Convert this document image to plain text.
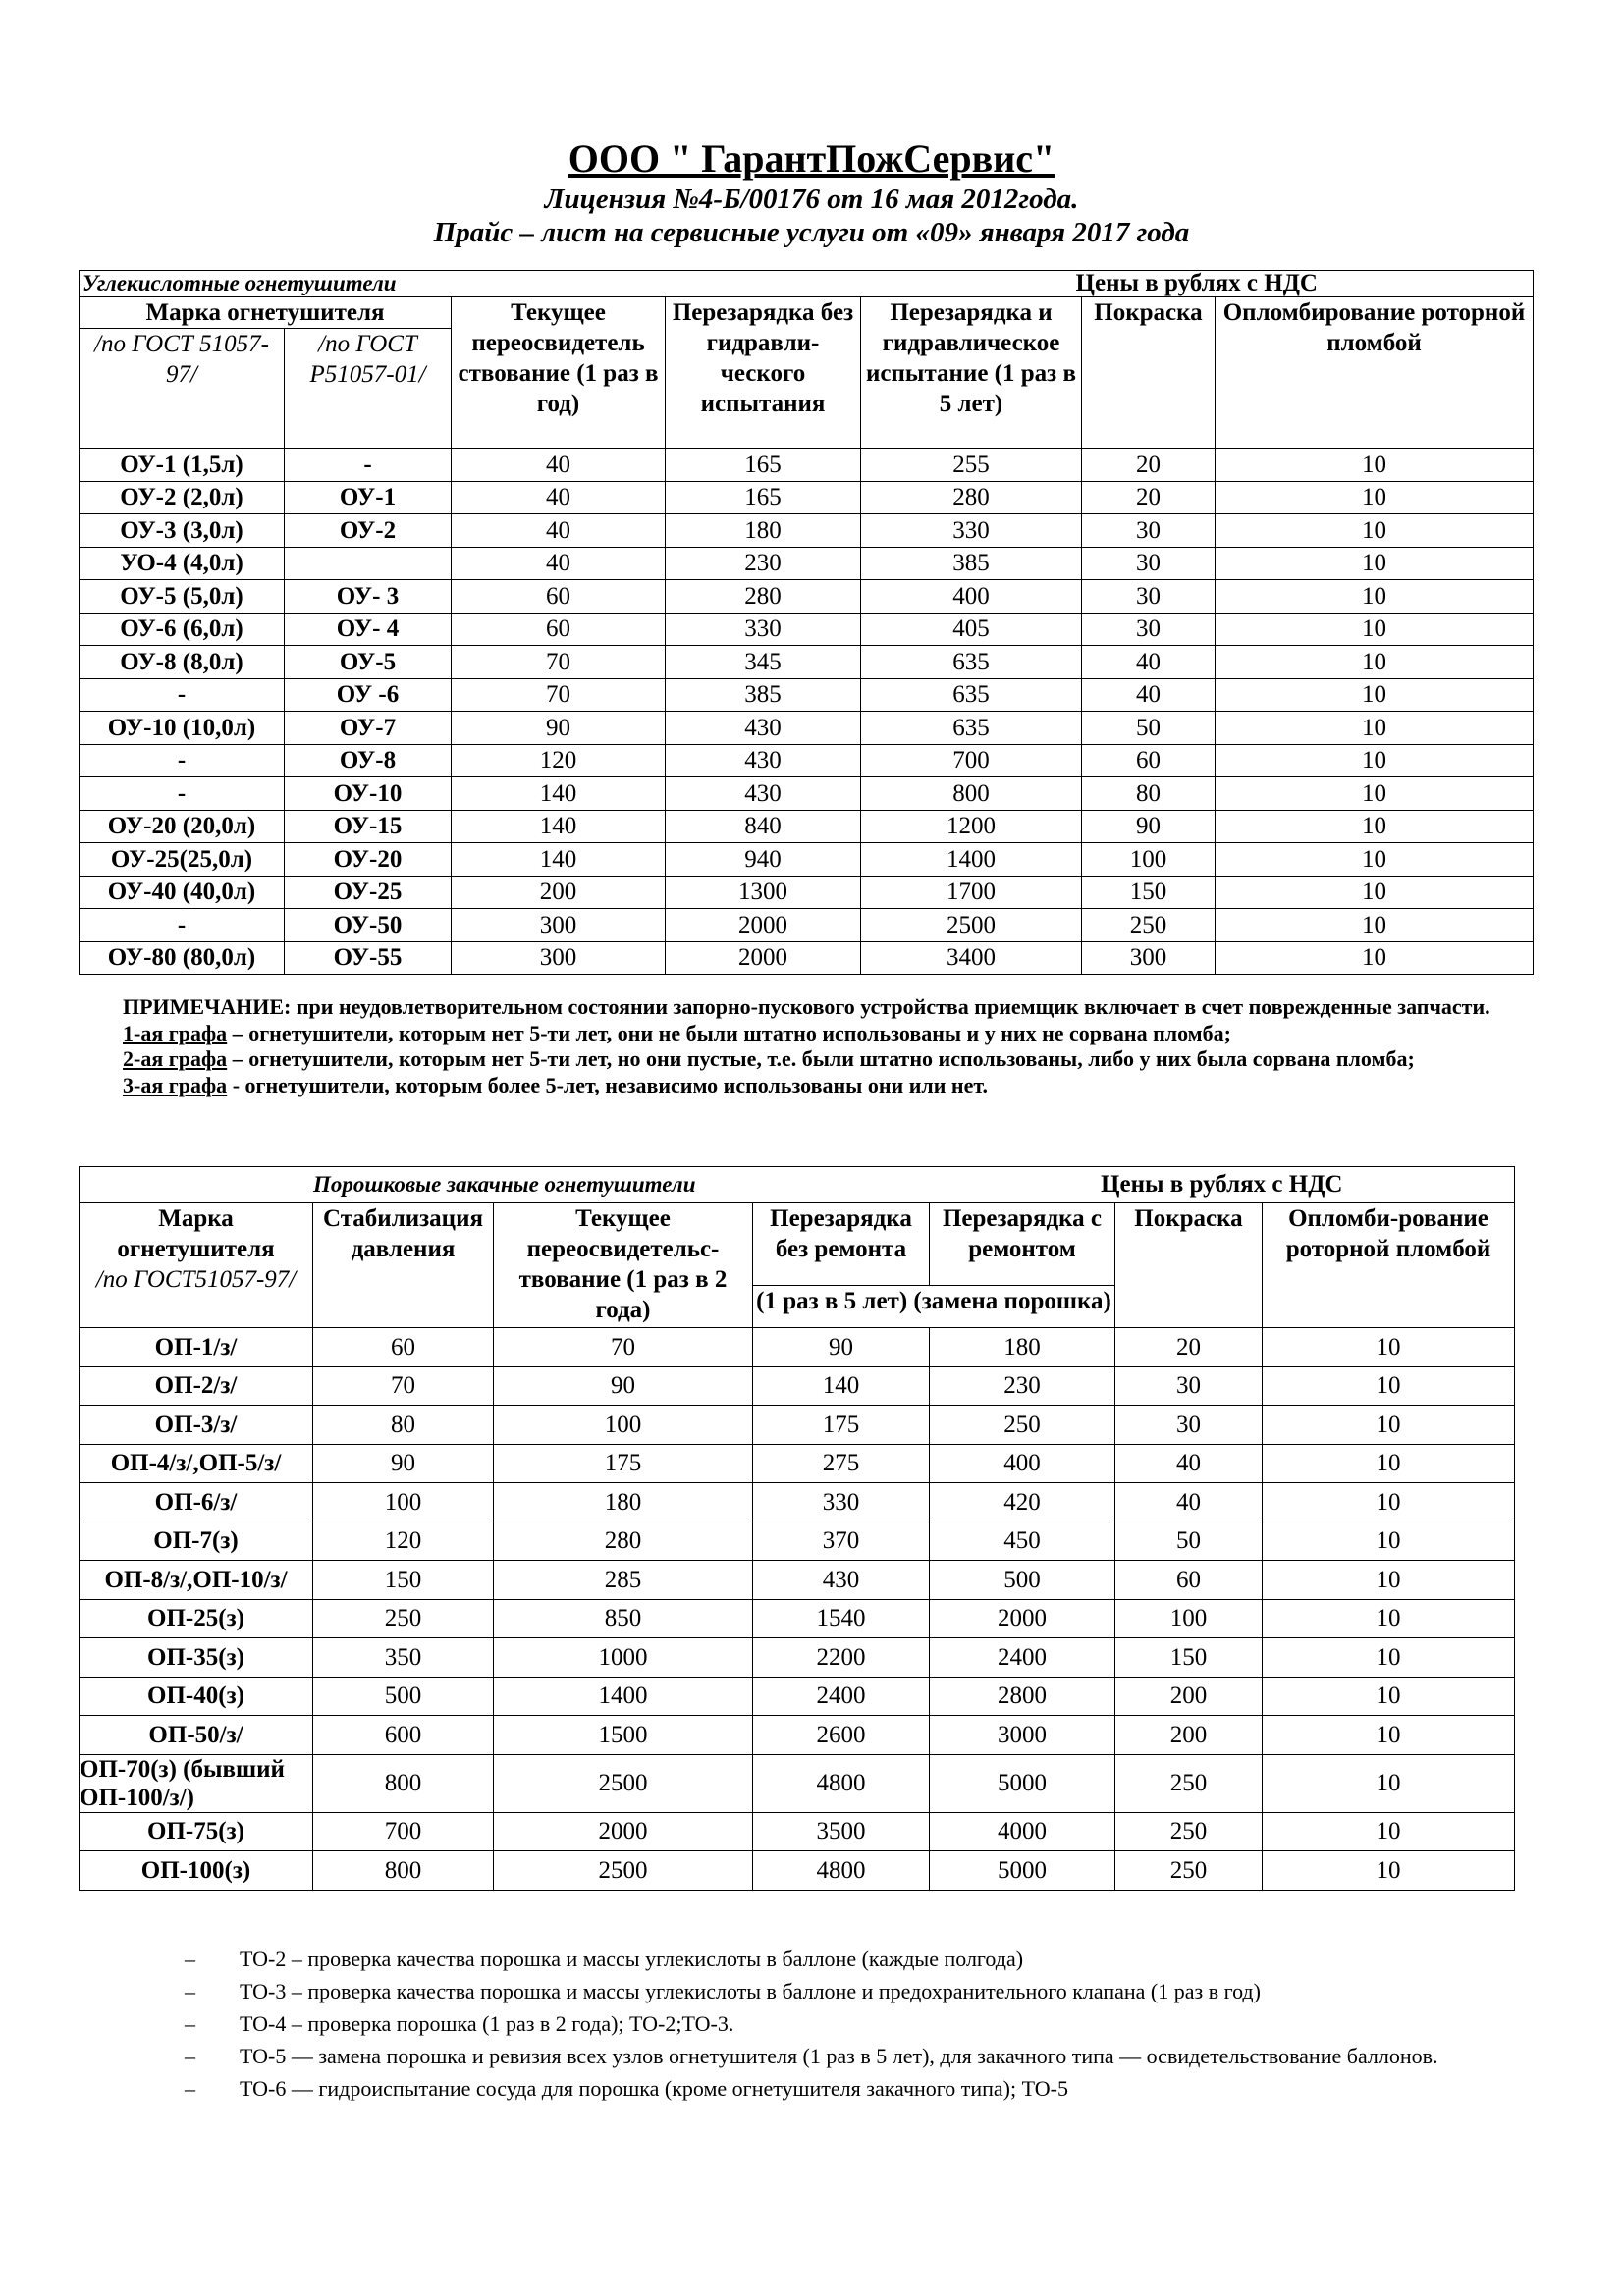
ООО " ГарантПожСервис"
Лицензия №4-Б/00176 от 16 мая 2012года.
Прайс – лист на сервисные услуги от «09» января 2017 года
Углекислотные огнетушители				Цены в рублях с НДС		
Марка огнетушителя		Текущее переосвидетель ствование (1 раз в год)	Перезарядка без гидравли-ческого испытания	Перезарядка и гидравлическое испытание (1 раз в 5 лет)	Покраска	Опломбирование роторной пломбой
/по ГОСТ 51057-97/	/по ГОСТ Р51057-01/					
ОУ-1 (1,5л)	-	40	165	255	20	10
ОУ-2 (2,0л)	ОУ-1	40	165	280	20	10
ОУ-3 (3,0л)	ОУ-2	40	180	330	30	10
УО-4 (4,0л)		40	230	385	30	10
ОУ-5 (5,0л)	ОУ- 3	60	280	400	30	10
ОУ-6 (6,0л)	ОУ- 4	60	330	405	30	10
ОУ-8 (8,0л)	ОУ-5	70	345	635	40	10
-	ОУ -6	70	385	635	40	10
ОУ-10 (10,0л)	ОУ-7	90	430	635	50	10
-	ОУ-8	120	430	700	60	10
-	ОУ-10	140	430	800	80	10
ОУ-20 (20,0л)	ОУ-15	140	840	1200	90	10
ОУ-25(25,0л)	ОУ-20	140	940	1400	100	10
ОУ-40 (40,0л)	ОУ-25	200	1300	1700	150	10
-	ОУ-50	300	2000	2500	250	10
ОУ-80 (80,0л)	ОУ-55	300	2000	3400	300	10
ПРИМЕЧАНИЕ: при неудовлетворительном состоянии запорно-пускового устройства приемщик включает в счет поврежденные запчасти.
1-ая графа – огнетушители, которым нет 5-ти лет, они не были штатно использованы и у них не сорвана пломба;
2-ая графа – огнетушители, которым нет 5-ти лет, но они пустые, т.е. были штатно использованы, либо у них была сорвана пломба;
3-ая графа - огнетушители, которым более 5-лет, независимо использованы они или нет.
Порошковые закачные огнетушители				Цены в рублях с НДС		

Марка огнетушителя
/по ГОСТ51057-97/	Стабилизация давления	Текущее переосвидетельс-твование (1 раз в 2 года)	Перезарядка без ремонта	Перезарядка с ремонтом	Покраска	Опломби-рование роторной пломбой
			(1 раз в 5 лет) (замена порошка)			
ОП-1/з/	60	70	90	180	20	10
ОП-2/з/	70	90	140	230	30	10
ОП-3/з/	80	100	175	250	30	10
ОП-4/з/,ОП-5/з/	90	175	275	400	40	10
ОП-6/з/	100	180	330	420	40	10
ОП-7(з)	120	280	370	450	50	10
ОП-8/з/,ОП-10/з/	150	285	430	500	60	10
ОП-25(з)	250	850	1540	2000	100	10
ОП-35(з)	350	1000	2200	2400	150	10
ОП-40(з)	500	1400	2400	2800	200	10
ОП-50/з/	600	1500	2600	3000	200	10
ОП-70(з) (бывший ОП-100/з/)	800	2500	4800	5000	250	10
ОП-75(з)	700	2000	3500	4000	250	10
ОП-100(з)	800	2500	4800	5000	250	10
– ТО-2 – проверка качества порошка и массы углекислоты в баллоне (каждые полгода)
– ТО-3 – проверка качества порошка и массы углекислоты в баллоне и предохранительного клапана (1 раз в год)
– ТО-4 – проверка порошка (1 раз в 2 года); ТО-2;ТО-3.
– ТО-5 — замена порошка и ревизия всех узлов огнетушителя (1 раз в 5 лет), для закачного типа — освидетельствование баллонов.
– ТО-6 — гидроиспытание сосуда для порошка (кроме огнетушителя закачного типа); ТО-5
